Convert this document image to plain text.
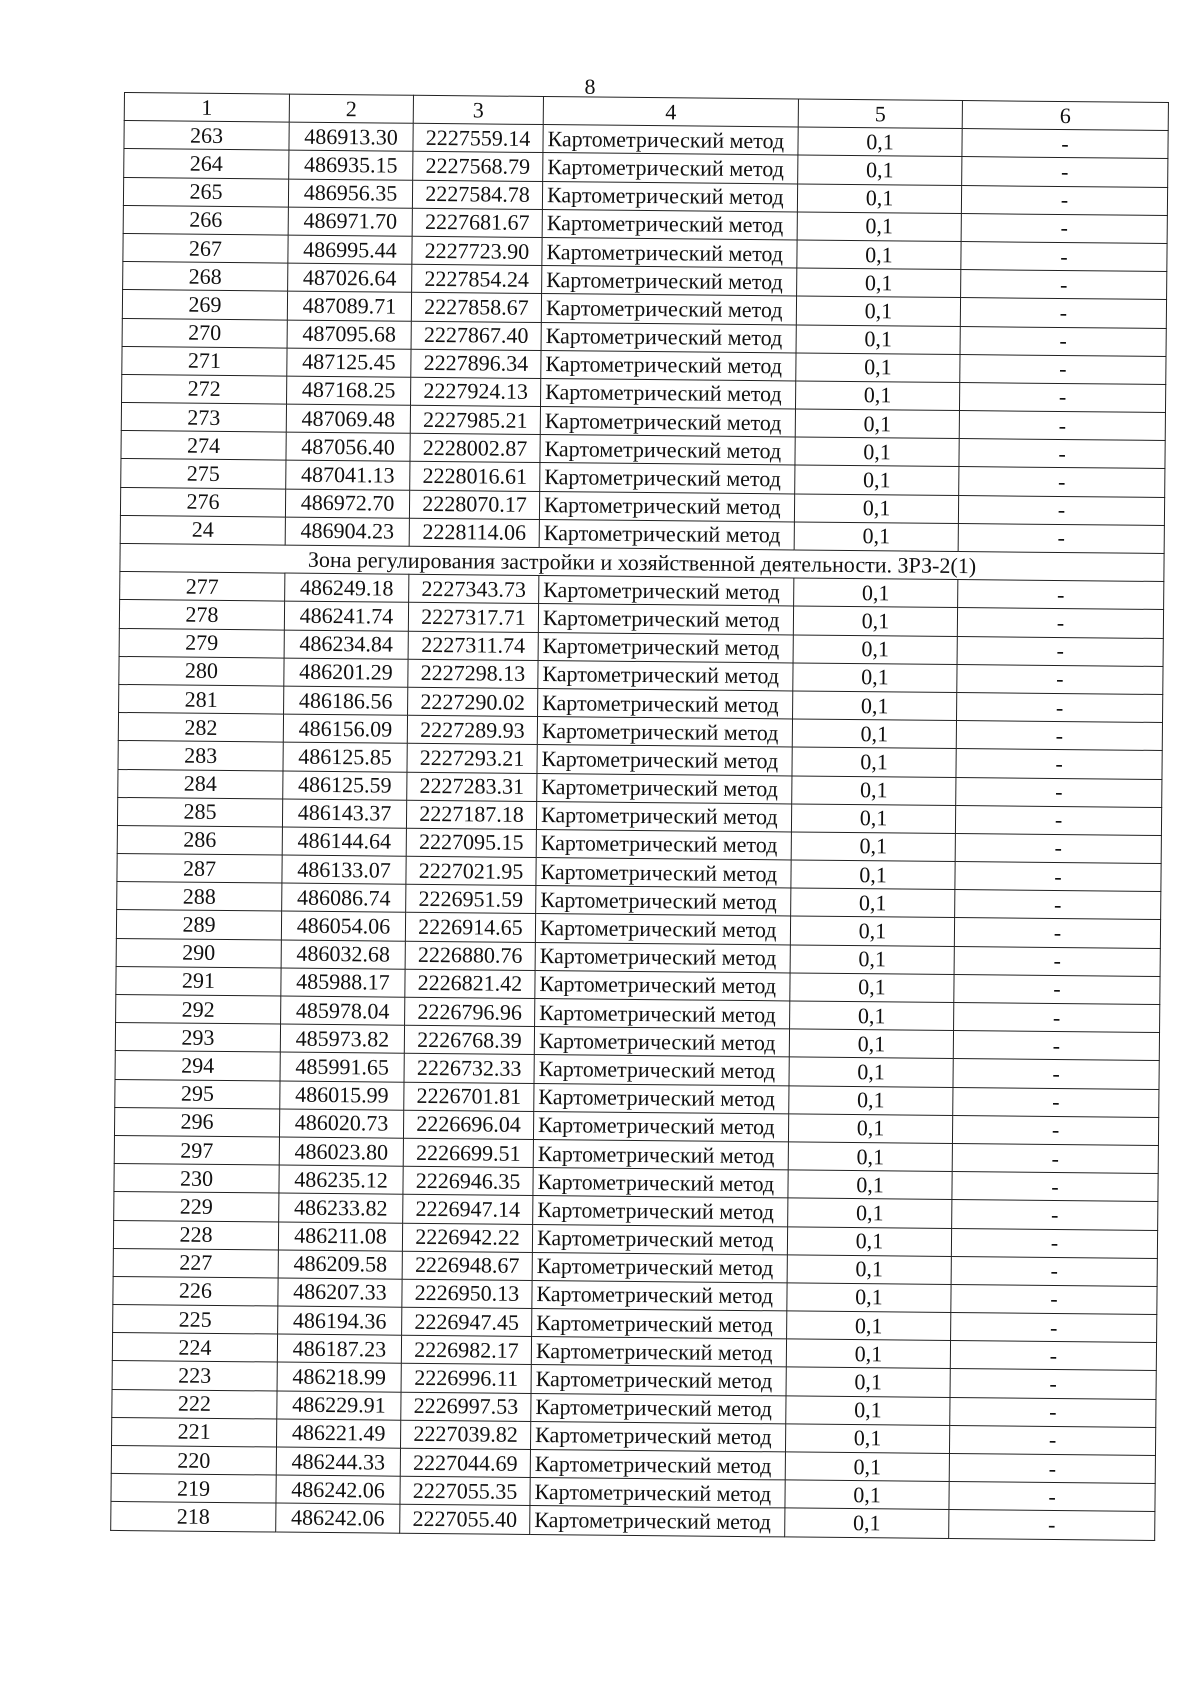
8
1	2	3	4	5	6
263	486913.30	2227559.14	Картометрический метод	0,1	-
264	486935.15	2227568.79	Картометрический метод	0,1	-
265	486956.35	2227584.78	Картометрический метод	0,1	-
266	486971.70	2227681.67	Картометрический метод	0,1	-
267	486995.44	2227723.90	Картометрический метод	0,1	-
268	487026.64	2227854.24	Картометрический метод	0,1	-
269	487089.71	2227858.67	Картометрический метод	0,1	-
270	487095.68	2227867.40	Картометрический метод	0,1	-
271	487125.45	2227896.34	Картометрический метод	0,1	-
272	487168.25	2227924.13	Картометрический метод	0,1	-
273	487069.48	2227985.21	Картометрический метод	0,1	-
274	487056.40	2228002.87	Картометрический метод	0,1	-
275	487041.13	2228016.61	Картометрический метод	0,1	-
276	486972.70	2228070.17	Картометрический метод	0,1	-
24	486904.23	2228114.06	Картометрический метод	0,1	-
Зона регулирования застройки и хозяйственной деятельности. ЗРЗ-2(1)					
277	486249.18	2227343.73	Картометрический метод	0,1	-
278	486241.74	2227317.71	Картометрический метод	0,1	-
279	486234.84	2227311.74	Картометрический метод	0,1	-
280	486201.29	2227298.13	Картометрический метод	0,1	-
281	486186.56	2227290.02	Картометрический метод	0,1	-
282	486156.09	2227289.93	Картометрический метод	0,1	-
283	486125.85	2227293.21	Картометрический метод	0,1	-
284	486125.59	2227283.31	Картометрический метод	0,1	-
285	486143.37	2227187.18	Картометрический метод	0,1	-
286	486144.64	2227095.15	Картометрический метод	0,1	-
287	486133.07	2227021.95	Картометрический метод	0,1	-
288	486086.74	2226951.59	Картометрический метод	0,1	-
289	486054.06	2226914.65	Картометрический метод	0,1	-
290	486032.68	2226880.76	Картометрический метод	0,1	-
291	485988.17	2226821.42	Картометрический метод	0,1	-
292	485978.04	2226796.96	Картометрический метод	0,1	-
293	485973.82	2226768.39	Картометрический метод	0,1	-
294	485991.65	2226732.33	Картометрический метод	0,1	-
295	486015.99	2226701.81	Картометрический метод	0,1	-
296	486020.73	2226696.04	Картометрический метод	0,1	-
297	486023.80	2226699.51	Картометрический метод	0,1	-
230	486235.12	2226946.35	Картометрический метод	0,1	-
229	486233.82	2226947.14	Картометрический метод	0,1	-
228	486211.08	2226942.22	Картометрический метод	0,1	-
227	486209.58	2226948.67	Картометрический метод	0,1	-
226	486207.33	2226950.13	Картометрический метод	0,1	-
225	486194.36	2226947.45	Картометрический метод	0,1	-
224	486187.23	2226982.17	Картометрический метод	0,1	-
223	486218.99	2226996.11	Картометрический метод	0,1	-
222	486229.91	2226997.53	Картометрический метод	0,1	-
221	486221.49	2227039.82	Картометрический метод	0,1	-
220	486244.33	2227044.69	Картометрический метод	0,1	-
219	486242.06	2227055.35	Картометрический метод	0,1	-
218	486242.06	2227055.40	Картометрический метод	0,1	-
